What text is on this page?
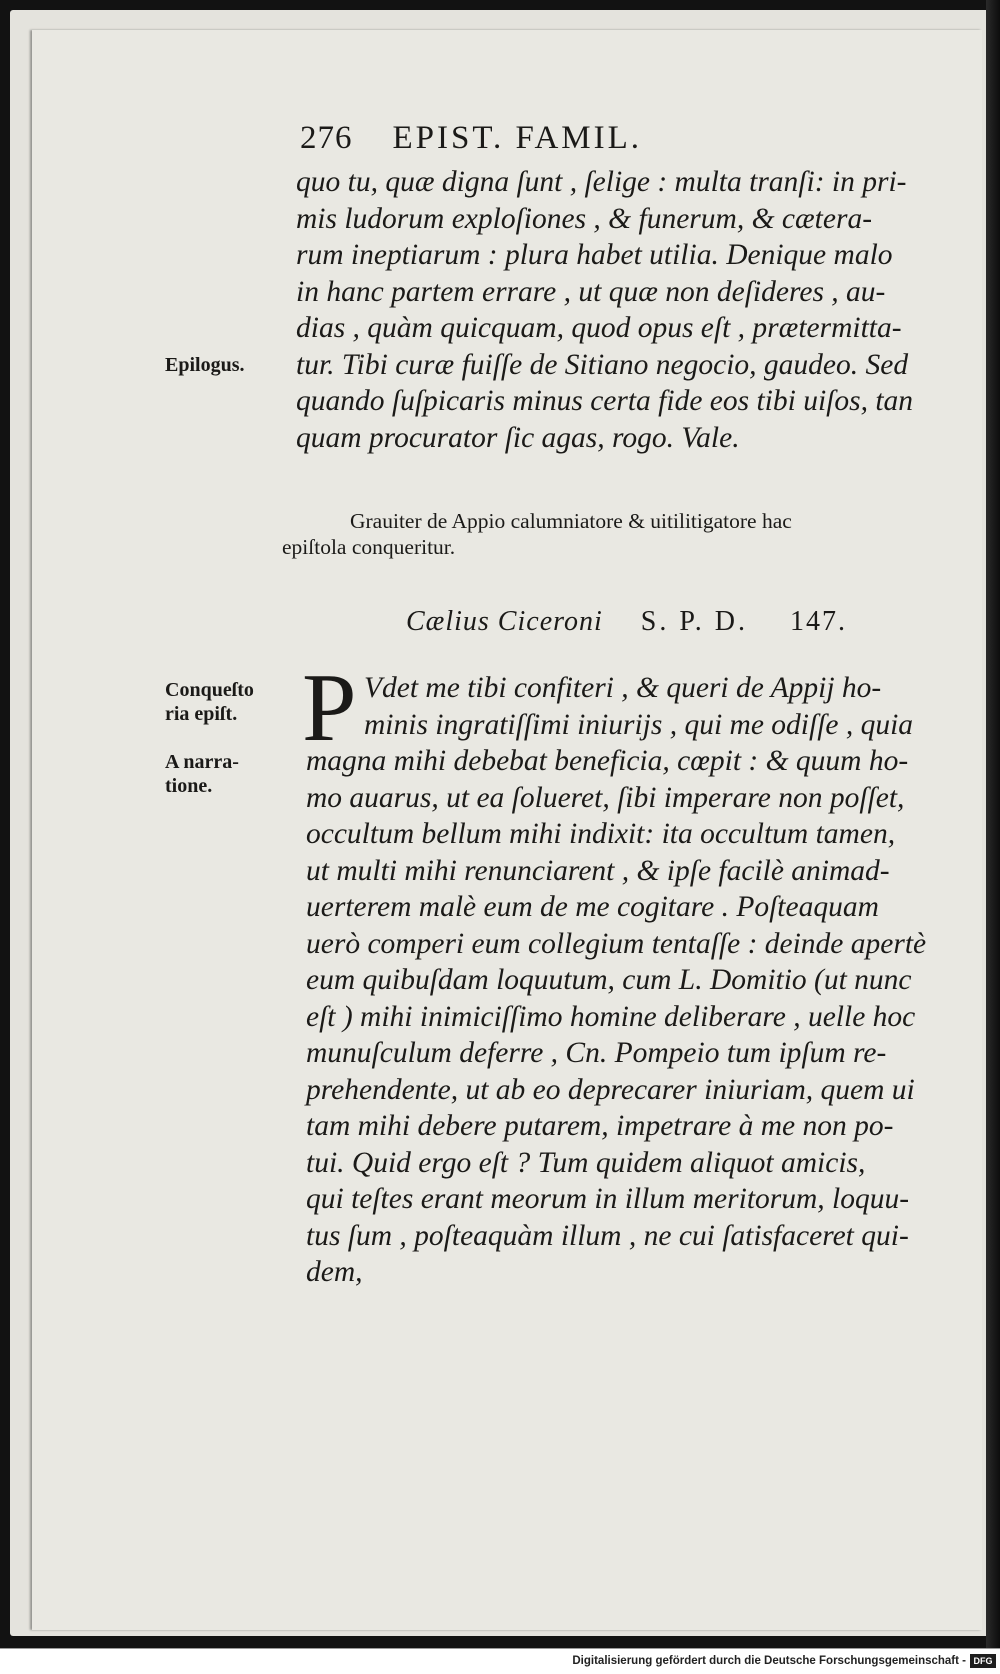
276 EPIST. FAMIL.
quo tu, quæ digna ſunt , ſelige : multa tranſi: in pri-
mis ludorum exploſiones , & funerum, & cætera-
rum ineptiarum : plura habet utilia. Denique malo
in hanc partem errare , ut quæ non deſideres , au-
dias , quàm quicquam, quod opus eſt , prætermitta-
tur. Tibi curæ fuiſſe de Sitiano negocio, gaudeo. Sed
quando ſuſpicaris minus certa fide eos tibi uiſos, tan
quam procurator ſic agas, rogo. Vale.
Epilogus.
Grauiter de Appio calumniatore & uitilitigatore hac
epiſtola conqueritur.
Cælius Ciceroni S. P. D. 147.
Conqueſto
ria epiſt.
A narra-
tione.
P Vdet me tibi confiteri , & queri de Appij ho-
minis ingratiſſimi iniurijs , qui me odiſſe , quia
magna mihi debebat beneficia, cœpit : & quum ho-
mo auarus, ut ea ſolueret, ſibi imperare non poſſet,
occultum bellum mihi indixit: ita occultum tamen,
ut multi mihi renunciarent , & ipſe facilè animad-
uerterem malè eum de me cogitare . Poſteaquam
uerò comperi eum collegium tentaſſe : deinde apertè
eum quibuſdam loquutum, cum L. Domitio (ut nunc
eſt ) mihi inimiciſſimo homine deliberare , uelle hoc
munuſculum deferre , Cn. Pompeio tum ipſum re-
prehendente, ut ab eo deprecarer iniuriam, quem ui
tam mihi debere putarem, impetrare à me non po-
tui. Quid ergo eſt ? Tum quidem aliquot amicis,
qui teſtes erant meorum in illum meritorum, loquu-
tus ſum , poſteaquàm illum , ne cui ſatisfaceret qui-
dem,
Digitalisierung gefördert durch die Deutsche Forschungsgemeinschaft - DFG
